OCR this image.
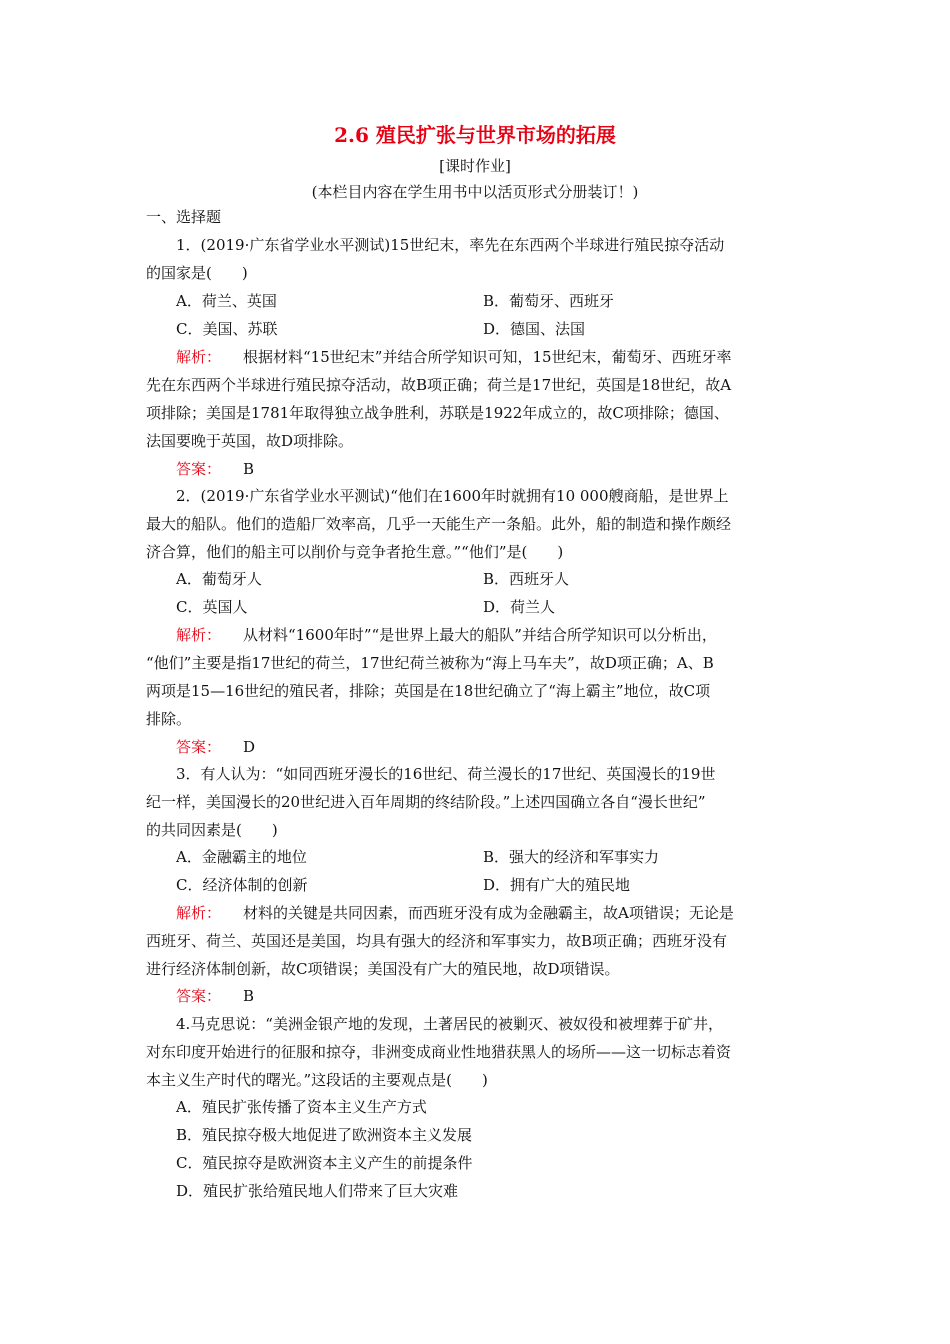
2.6 殖民扩张与世界市场的拓展
[课时作业]
(本栏目内容在学生用书中以活页形式分册装订！)
一、选择题
1．(2019·广东省学业水平测试)15世纪末，率先在东西两个半球进行殖民掠夺活动
的国家是(　　)
A．荷兰、英国	B．葡萄牙、西班牙
C．美国、苏联	D．德国、法国
解析： 根据材料“15世纪末”并结合所学知识可知，15世纪末，葡萄牙、西班牙率
先在东西两个半球进行殖民掠夺活动，故B项正确；荷兰是17世纪，英国是18世纪，故A
项排除；美国是1781年取得独立战争胜利，苏联是1922年成立的，故C项排除；德国、
法国要晚于英国，故D项排除。
答案： B
2．(2019·广东省学业水平测试)“他们在1600年时就拥有10 000艘商船，是世界上
最大的船队。他们的造船厂效率高，几乎一天能生产一条船。此外，船的制造和操作颇经
济合算，他们的船主可以削价与竞争者抢生意。”“他们”是(　　)
A．葡萄牙人	B．西班牙人
C．英国人	D．荷兰人
解析： 从材料“1600年时”“是世界上最大的船队”并结合所学知识可以分析出，
“他们”主要是指17世纪的荷兰，17世纪荷兰被称为“海上马车夫”，故D项正确；A、B
两项是15—16世纪的殖民者，排除；英国是在18世纪确立了“海上霸主”地位，故C项
排除。
答案： D
3．有人认为：“如同西班牙漫长的16世纪、荷兰漫长的17世纪、英国漫长的19世
纪一样，美国漫长的20世纪进入百年周期的终结阶段。”上述四国确立各自“漫长世纪”
的共同因素是(　　)
A．金融霸主的地位	B．强大的经济和军事实力
C．经济体制的创新	D．拥有广大的殖民地
解析： 材料的关键是共同因素，而西班牙没有成为金融霸主，故A项错误；无论是
西班牙、荷兰、英国还是美国，均具有强大的经济和军事实力，故B项正确；西班牙没有
进行经济体制创新，故C项错误；美国没有广大的殖民地，故D项错误。
答案： B
4.马克思说：“美洲金银产地的发现，土著居民的被剿灭、被奴役和被埋葬于矿井，
对东印度开始进行的征服和掠夺，非洲变成商业性地猎获黑人的场所——这一切标志着资
本主义生产时代的曙光。”这段话的主要观点是(　　)
A．殖民扩张传播了资本主义生产方式
B．殖民掠夺极大地促进了欧洲资本主义发展
C．殖民掠夺是欧洲资本主义产生的前提条件
D．殖民扩张给殖民地人们带来了巨大灾难
